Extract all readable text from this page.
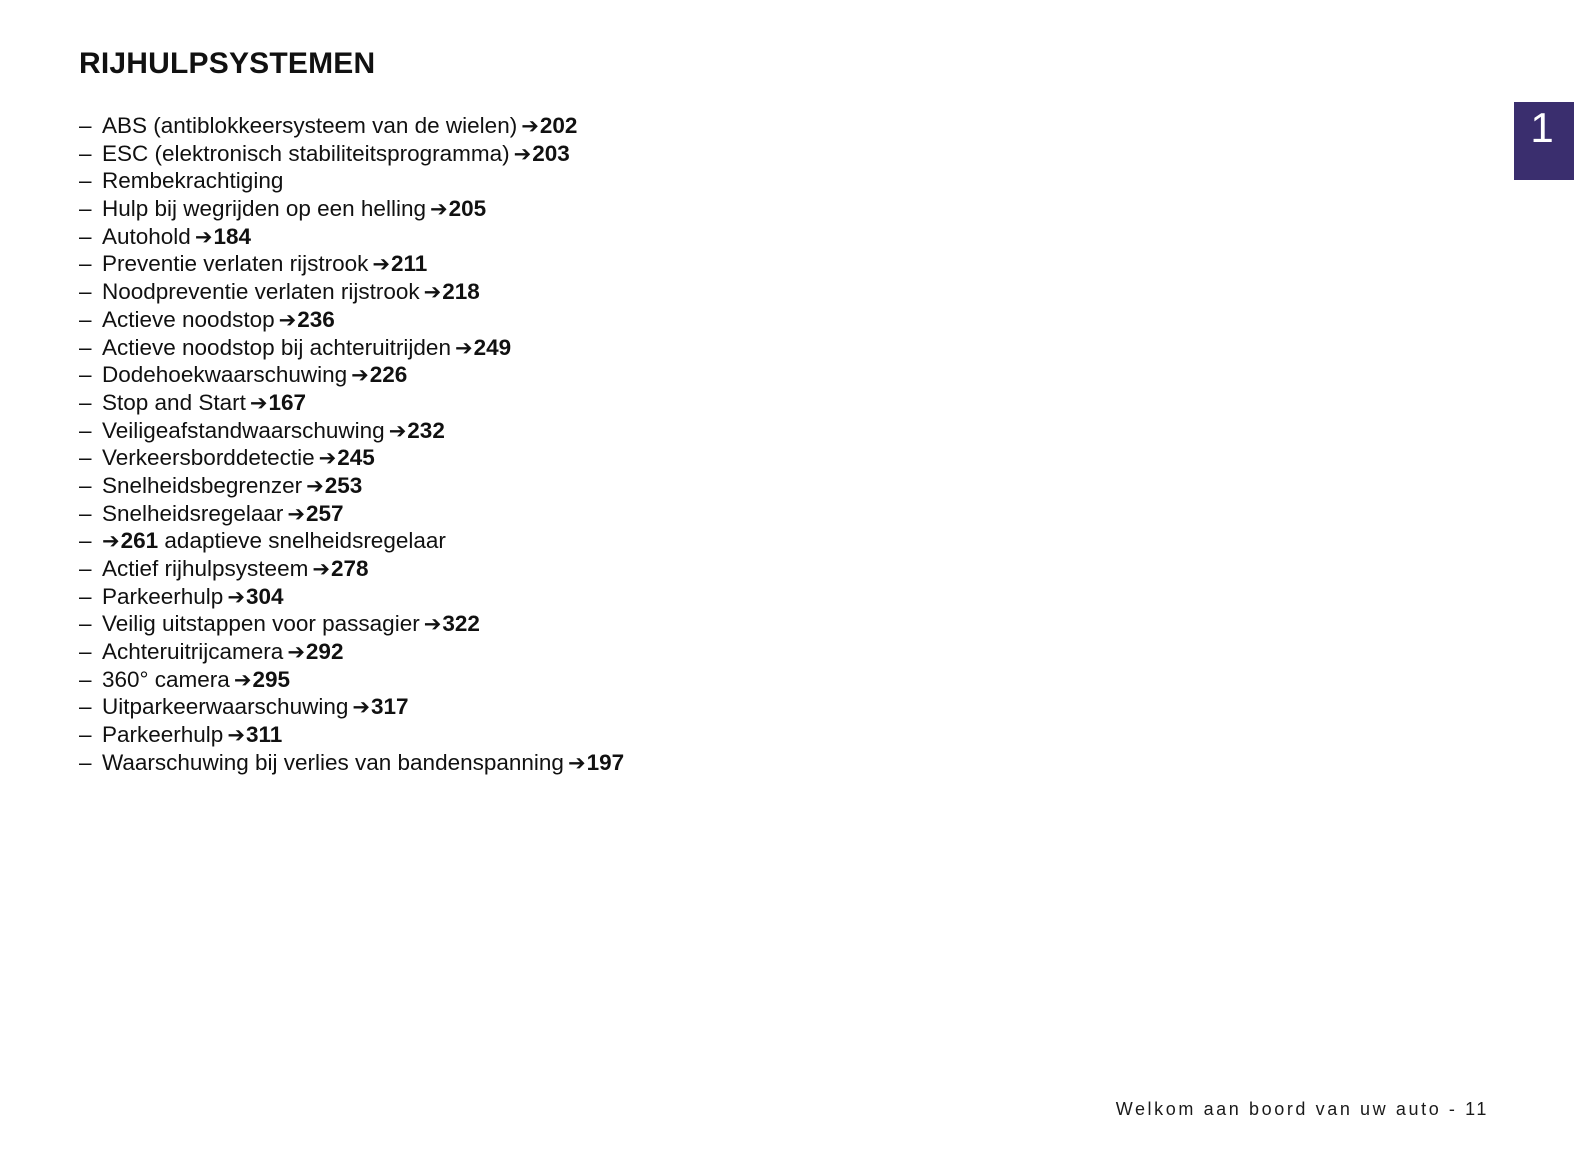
RIJHULPSYSTEMEN
– ABS (antiblokkeersysteem van de wielen) ➔202
– ESC (elektronisch stabiliteitsprogramma) ➔203
– Rembekrachtiging
– Hulp bij wegrijden op een helling ➔205
– Autohold ➔184
– Preventie verlaten rijstrook ➔211
– Noodpreventie verlaten rijstrook ➔218
– Actieve noodstop ➔236
– Actieve noodstop bij achteruitrijden ➔249
– Dodehoekwaarschuwing ➔226
– Stop and Start ➔167
– Veiligeafstandwaarschuwing ➔232
– Verkeersborddetectie ➔245
– Snelheidsbegrenzer ➔253
– Snelheidsregelaar ➔257
– ➔261 adaptieve snelheidsregelaar
– Actief rijhulpsysteem ➔278
– Parkeerhulp ➔304
– Veilig uitstappen voor passagier ➔322
– Achteruitrijcamera ➔292
– 360° camera ➔295
– Uitparkeerwaarschuwing ➔317
– Parkeerhulp ➔311
– Waarschuwing bij verlies van bandenspanning ➔197
1
Welkom aan boord van uw auto - 11
